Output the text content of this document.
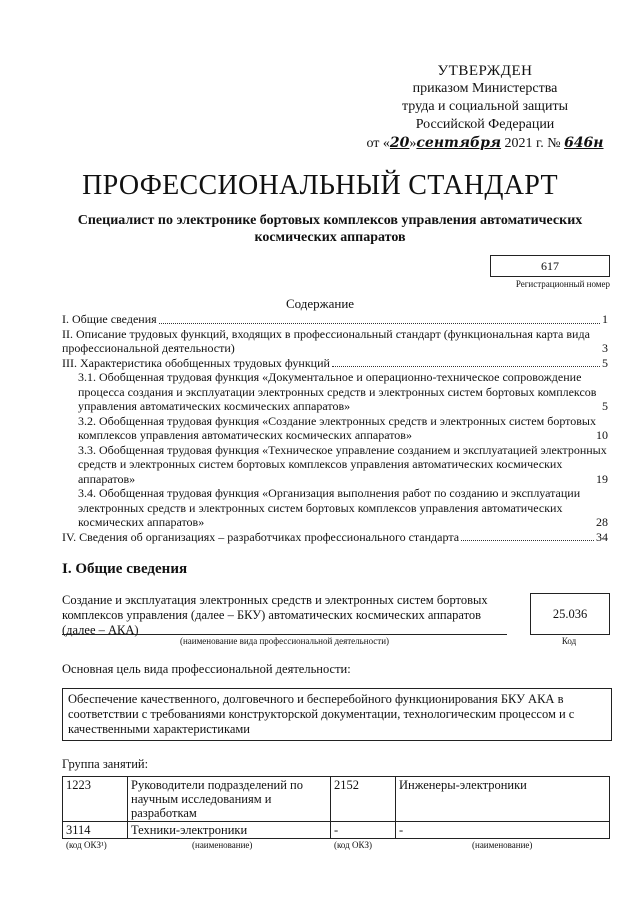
УТВЕРЖДЕН
приказом Министерства
труда и социальной защиты
Российской Федерации
от «20»сентября 2021 г. № 646н
ПРОФЕССИОНАЛЬНЫЙ СТАНДАРТ
Специалист по электронике бортовых комплексов управления автоматических космических аппаратов
617
Регистрационный номер
Содержание
I. Общие сведения	1
II. Описание трудовых функций, входящих в профессиональный стандарт (функциональная карта вида профессиональной деятельности)	3
III. Характеристика обобщенных трудовых функций	5
3.1. Обобщенная трудовая функция «Документальное и операционно-техническое сопровождение процесса создания и эксплуатации электронных средств и электронных систем бортовых комплексов управления автоматических космических аппаратов»	5
3.2. Обобщенная трудовая функция «Создание электронных средств и электронных систем бортовых комплексов управления автоматических космических аппаратов»	10
3.3. Обобщенная трудовая функция «Техническое управление созданием и эксплуатацией электронных средств и электронных систем бортовых комплексов управления автоматических космических аппаратов»	19
3.4. Обобщенная трудовая функция «Организация выполнения работ по созданию и эксплуатации электронных средств и электронных систем бортовых комплексов управления автоматических космических аппаратов»	28
IV. Сведения об организациях – разработчиках профессионального стандарта	34
I. Общие сведения
Создание и эксплуатация электронных средств и электронных систем бортовых комплексов управления (далее – БКУ) автоматических космических аппаратов (далее – АКА)
(наименование вида профессиональной деятельности)
25.036
Код
Основная цель вида профессиональной деятельности:
Обеспечение качественного, долговечного и бесперебойного функционирования БКУ АКА в соответствии с требованиями конструкторской документации, технологическим процессом и с качественными характеристиками
Группа занятий:
1223	Руководители подразделений по научным исследованиям и разработкам	2152	Инженеры-электроники
3114	Техники-электроники	-	-
(код ОКЗ¹)	(наименование)	(код ОКЗ)	(наименование)
